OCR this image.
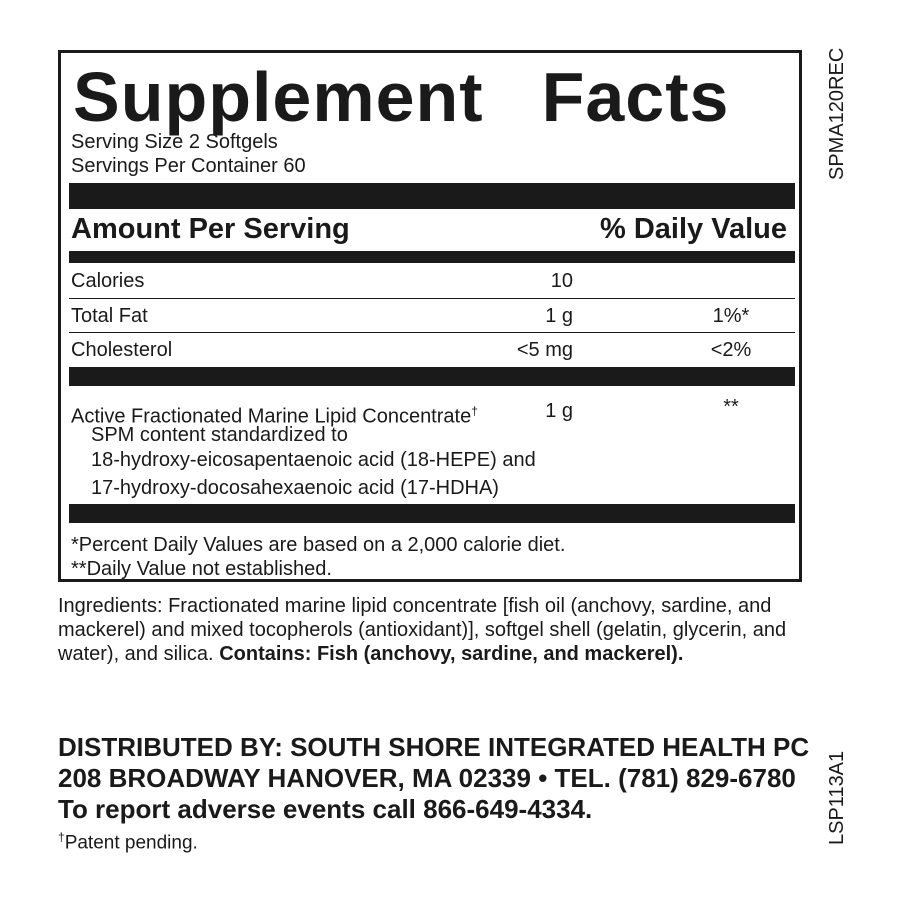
Supplement Facts
Serving Size 2 Softgels
Servings Per Container 60
Amount Per Serving	% Daily Value
Calories	10
Total Fat	1 g	1%*
Cholesterol	<5 mg	<2%
Active Fractionated Marine Lipid Concentrate†	1 g	**
SPM content standardized to
18-hydroxy-eicosapentaenoic acid (18-HEPE) and
17-hydroxy-docosahexaenoic acid (17-HDHA)
*Percent Daily Values are based on a 2,000 calorie diet.
**Daily Value not established.
Ingredients: Fractionated marine lipid concentrate [fish oil (anchovy, sardine, and mackerel) and mixed tocopherols (antioxidant)], softgel shell (gelatin, glycerin, and water), and silica. Contains: Fish (anchovy, sardine, and mackerel).
DISTRIBUTED BY: SOUTH SHORE INTEGRATED HEALTH PC
208 BROADWAY HANOVER, MA 02339 • TEL. (781) 829-6780
To report adverse events call 866-649-4334.
†Patent pending.
SPMA120REC
LSP113A1
